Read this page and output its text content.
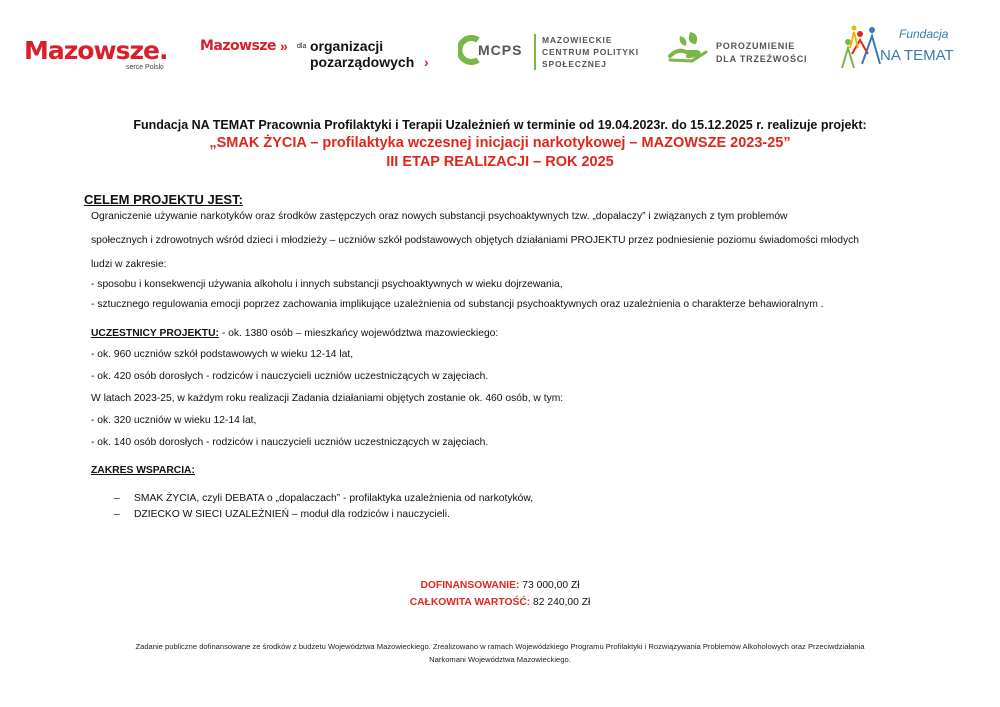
Mazowsze.
serce Polski
Mazowsze » dla organizacji
pozarządowych ›
MCPS
MAZOWIECKIE
CENTRUM POLITYKI
SPOŁECZNEJ
POROZUMIENIE
DLA TRZEŹWOŚCI
Fundacja
NA TEMAT
Fundacja NA TEMAT Pracownia Profilaktyki i Terapii Uzależnień w terminie od 19.04.2023r. do 15.12.2025 r. realizuje projekt:
„SMAK ŻYCIA – profilaktyka wczesnej inicjacji narkotykowej – MAZOWSZE 2023-25”
III ETAP REALIZACJI – ROK 2025
CELEM PROJEKTU JEST:
Ograniczenie używanie narkotyków oraz środków zastępczych oraz nowych substancji psychoaktywnych tzw. „dopalaczy” i związanych z tym problemów
społecznych i zdrowotnych wśród dzieci i młodzieży – uczniów szkół podstawowych objętych działaniami PROJEKTU przez podniesienie poziomu świadomości młodych
ludzi w zakresie:
- sposobu i konsekwencji używania alkoholu i innych substancji psychoaktywnych w wieku dojrzewania,
- sztucznego regulowania emocji poprzez zachowania implikujące uzależnienia od substancji psychoaktywnych oraz uzależnienia o charakterze behawioralnym .
UCZESTNICY PROJEKTU: - ok. 1380 osób – mieszkańcy województwa mazowieckiego:
- ok. 960 uczniów szkół podstawowych w wieku 12-14 lat,
- ok. 420 osób dorosłych - rodziców i nauczycieli uczniów uczestniczących w zajęciach.
W latach 2023-25, w każdym roku realizacji Zadania działaniami objętych zostanie ok. 460 osób, w tym:
- ok. 320 uczniów w wieku 12-14 lat,
- ok. 140 osób dorosłych - rodziców i nauczycieli uczniów uczestniczących w zajęciach.
ZAKRES WSPARCIA:
– SMAK ŻYCIA, czyli DEBATA o „dopalaczach” - profilaktyka uzależnienia od narkotyków,
– DZIECKO W SIECI UZALEŻNIEŃ – moduł dla rodziców i nauczycieli.
DOFINANSOWANIE: 73 000,00 Zł
CAŁKOWITA WARTOŚĆ: 82 240,00 Zł
Zadanie publiczne dofinansowane ze środków z budżetu Województwa Mazowieckiego. Zrealizowano w ramach Wojewódzkiego Programu Profilaktyki i Rozwiązywania Problemów Alkoholowych oraz Przeciwdziałania
Narkomani Województwa Mazowieckiego.
